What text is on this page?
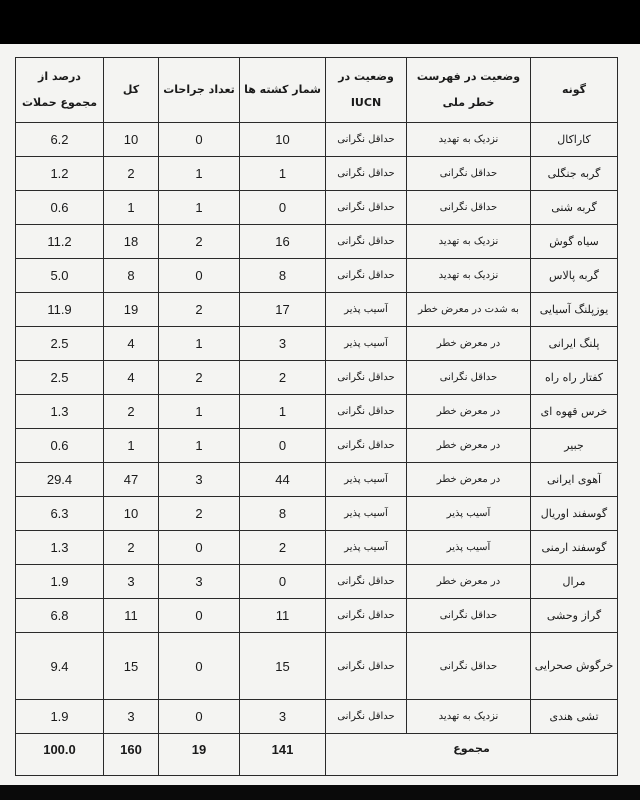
گونه	وضعیت در فهرست خطر ملی	وضعیت در IUCN	شمار کشته ها	تعداد جراحات	کل	درصد از مجموع حملات
کاراکال	نزدیک به تهدید	حداقل نگرانی	10	0	10	6.2
گربه جنگلی	حداقل نگرانی	حداقل نگرانی	1	1	2	1.2
گربه شنی	حداقل نگرانی	حداقل نگرانی	0	1	1	0.6
سیاه گوش	نزدیک به تهدید	حداقل نگرانی	16	2	18	11.2
گربه پالاس	نزدیک به تهدید	حداقل نگرانی	8	0	8	5.0
یوزپلنگ آسیایی	به شدت در معرض خطر	آسیب پذیر	17	2	19	11.9
پلنگ ایرانی	در معرض خطر	آسیب پذیر	3	1	4	2.5
کفتار راه راه	حداقل نگرانی	حداقل نگرانی	2	2	4	2.5
خرس قهوه ای	در معرض خطر	حداقل نگرانی	1	1	2	1.3
جبیر	در معرض خطر	حداقل نگرانی	0	1	1	0.6
آهوی ایرانی	در معرض خطر	آسیب پذیر	44	3	47	29.4
گوسفند اوریال	آسیب پذیر	آسیب پذیر	8	2	10	6.3
گوسفند ارمنی	آسیب پذیر	آسیب پذیر	2	0	2	1.3
مرال	در معرض خطر	حداقل نگرانی	0	3	3	1.9
گراز وحشی	حداقل نگرانی	حداقل نگرانی	11	0	11	6.8
خرگوش صحرایی	حداقل نگرانی	حداقل نگرانی	15	0	15	9.4
تشی هندی	نزدیک به تهدید	حداقل نگرانی	3	0	3	1.9
مجموع			141	19	160	100.0
